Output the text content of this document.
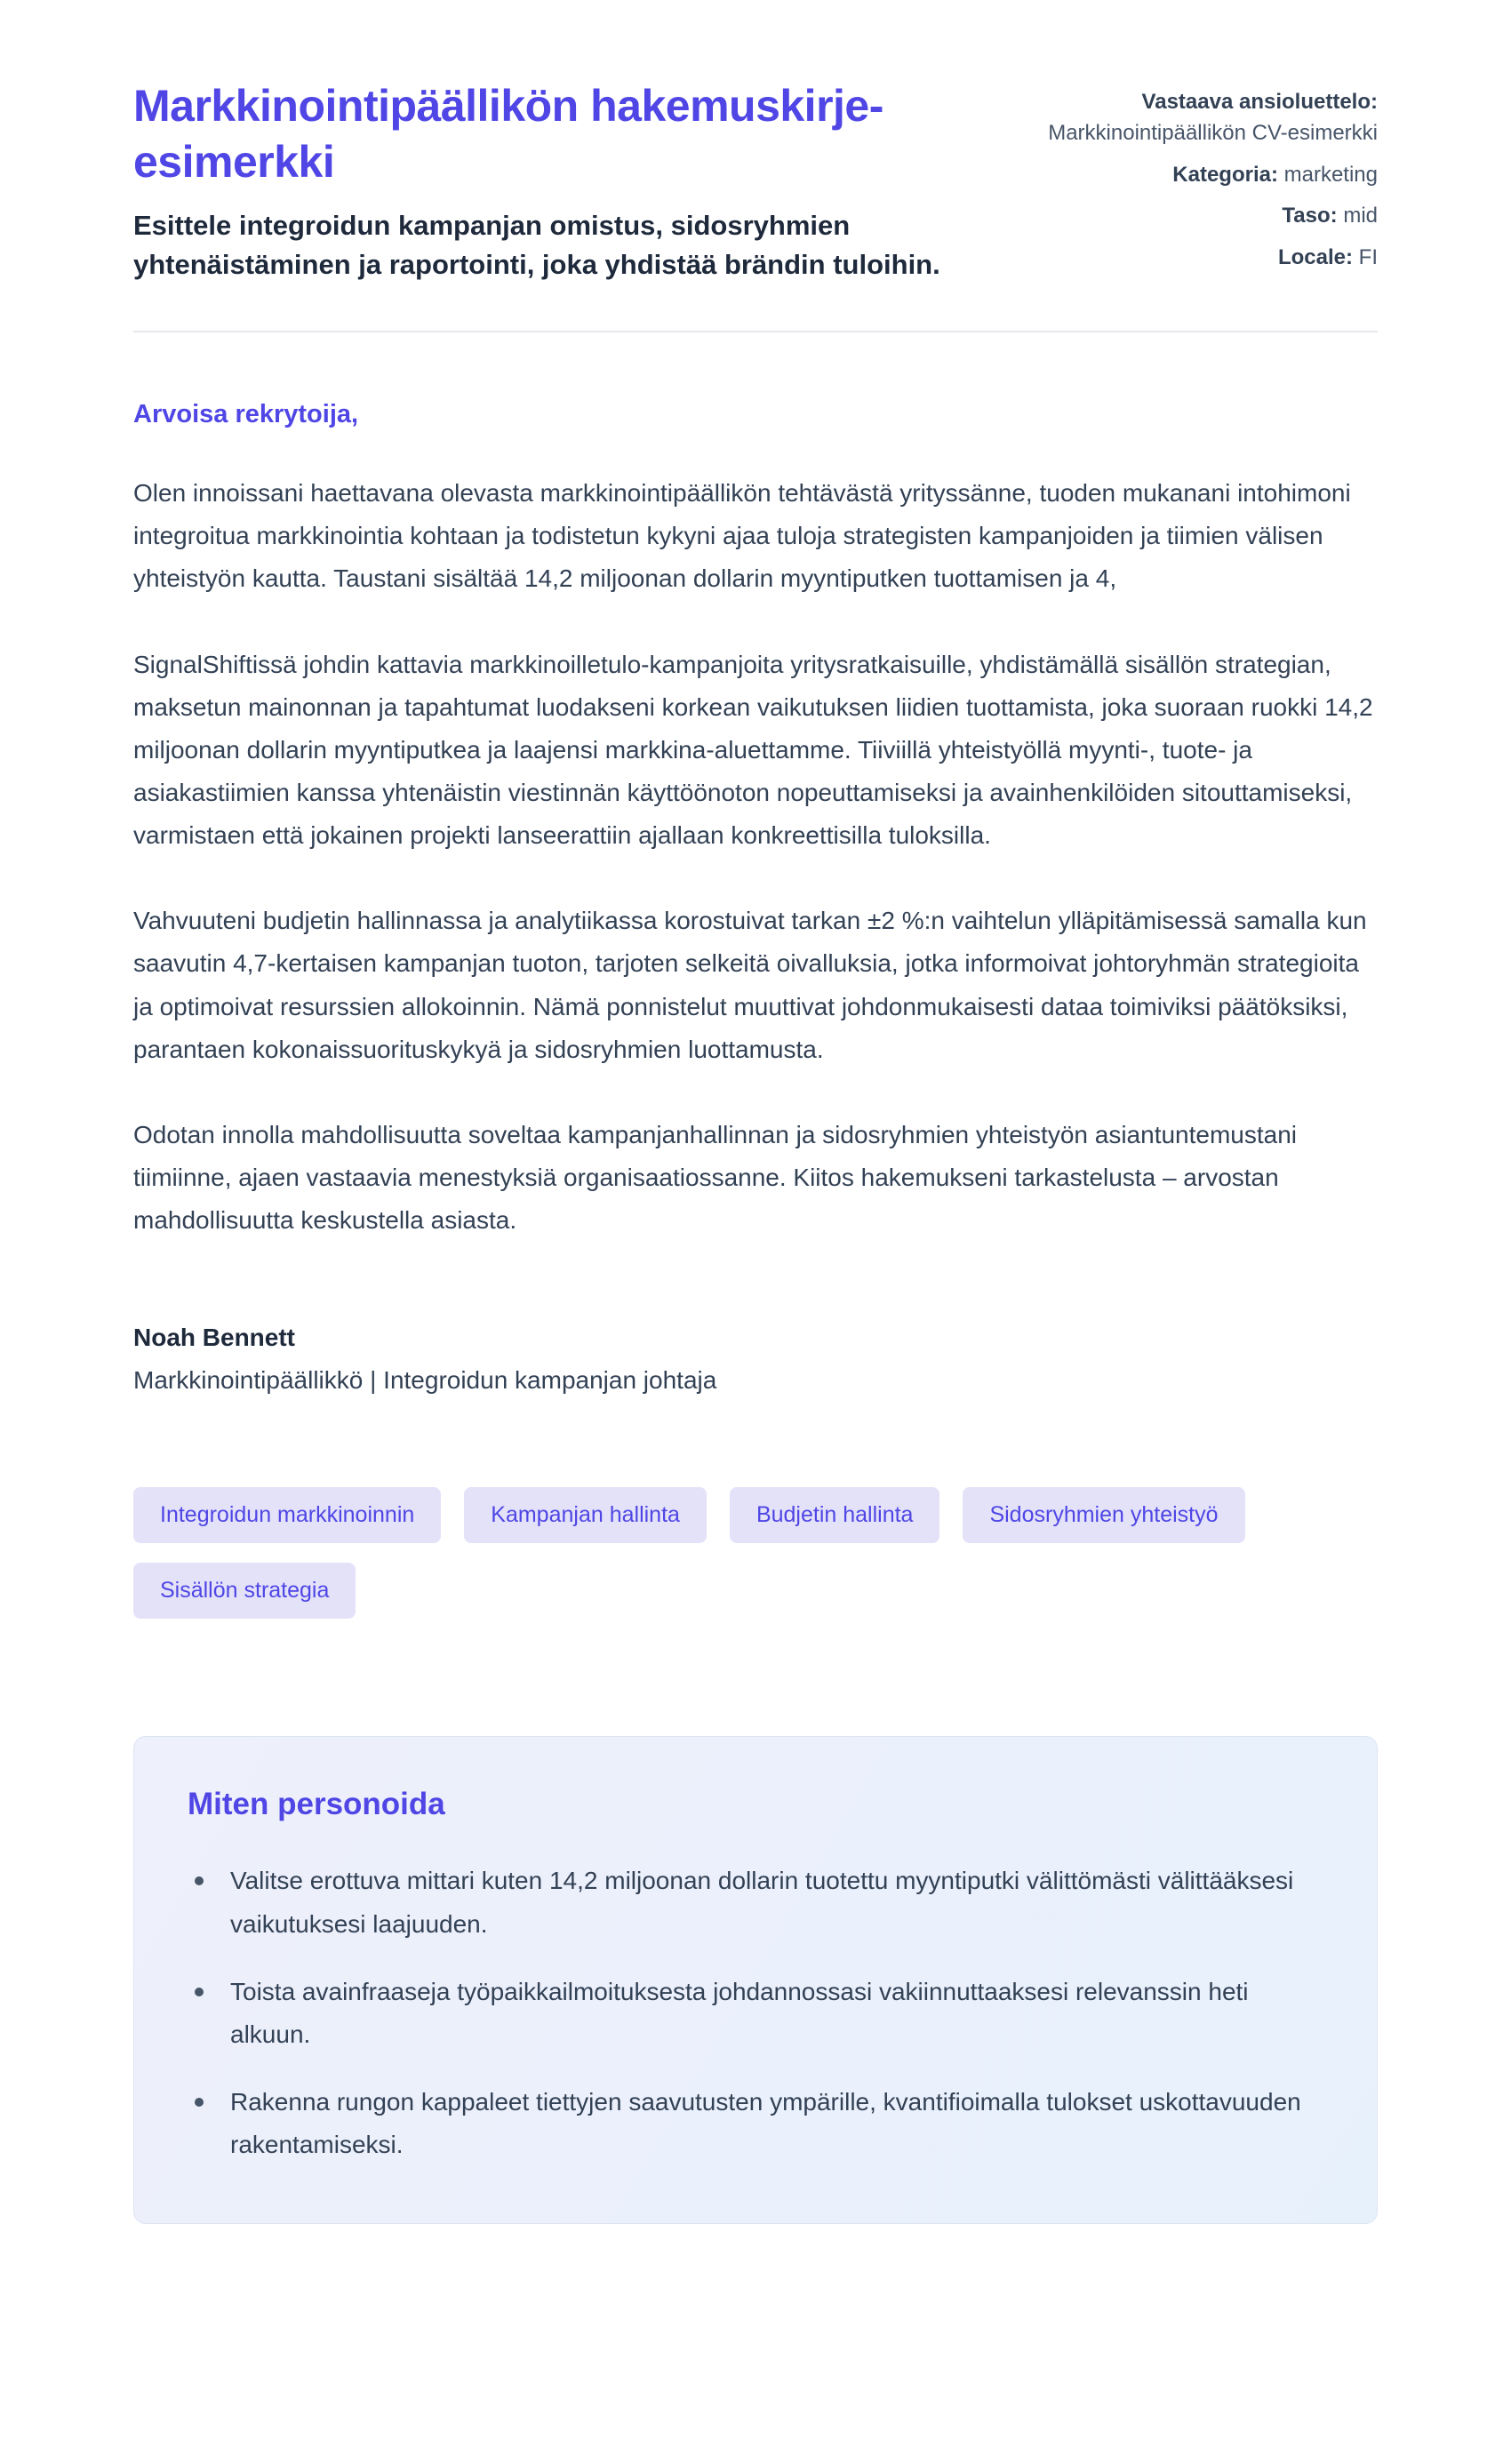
Markkinointipäällikön hakemuskirje-esimerkki

Esittele integroidun kampanjan omistus, sidosryhmien yhtenäistäminen ja raportointi, joka yhdistää brändin tuloihin.

Vastaava ansioluettelo:
Markkinointipäällikön CV-esimerkki
Kategoria: marketing
Taso: mid
Locale: FI

Arvoisa rekrytoija,

Olen innoissani haettavana olevasta markkinointipäällikön tehtävästä yrityssänne, tuoden mukanani intohimoni integroitua markkinointia kohtaan ja todistetun kykyni ajaa tuloja strategisten kampanjoiden ja tiimien välisen yhteistyön kautta. Taustani sisältää 14,2 miljoonan dollarin myyntiputken tuottamisen ja 4,

SignalShiftissä johdin kattavia markkinoilletulo-kampanjoita yritysratkaisuille, yhdistämällä sisällön strategian, maksetun mainonnan ja tapahtumat luodakseni korkean vaikutuksen liidien tuottamista, joka suoraan ruokki 14,2 miljoonan dollarin myyntiputkea ja laajensi markkina-aluettamme. Tiiviillä yhteistyöllä myynti-, tuote- ja asiakastiimien kanssa yhtenäistin viestinnän käyttöönoton nopeuttamiseksi ja avainhenkilöiden sitouttamiseksi, varmistaen että jokainen projekti lanseerattiin ajallaan konkreettisilla tuloksilla.

Vahvuuteni budjetin hallinnassa ja analytiikassa korostuivat tarkan ±2 %:n vaihtelun ylläpitämisessä samalla kun saavutin 4,7-kertaisen kampanjan tuoton, tarjoten selkeitä oivalluksia, jotka informoivat johtoryhmän strategioita ja optimoivat resurssien allokoinnin. Nämä ponnistelut muuttivat johdonmukaisesti dataa toimiviksi päätöksiksi, parantaen kokonaissuorituskykyä ja sidosryhmien luottamusta.

Odotan innolla mahdollisuutta soveltaa kampanjanhallinnan ja sidosryhmien yhteistyön asiantuntemustani tiimiinne, ajaen vastaavia menestyksiä organisaatiossanne. Kiitos hakemukseni tarkastelusta – arvostan mahdollisuutta keskustella asiasta.

Noah Bennett

Markkinointipäällikkö | Integroidun kampanjan johtaja

Integroidun markkinoinnin	Kampanjan hallinta	Budjetin hallinta	Sidosryhmien yhteistyö
Sisällön strategia
Miten personoida
Valitse erottuva mittari kuten 14,2 miljoonan dollarin tuotettu myyntiputki välittömästi välittääksesi vaikutuksesi laajuuden.
Toista avainfraaseja työpaikkailmoituksesta johdannossasi vakiinnuttaaksesi relevanssin heti alkuun.
Rakenna rungon kappaleet tiettyjen saavutusten ympärille, kvantifioimalla tulokset uskottavuuden rakentamiseksi.
